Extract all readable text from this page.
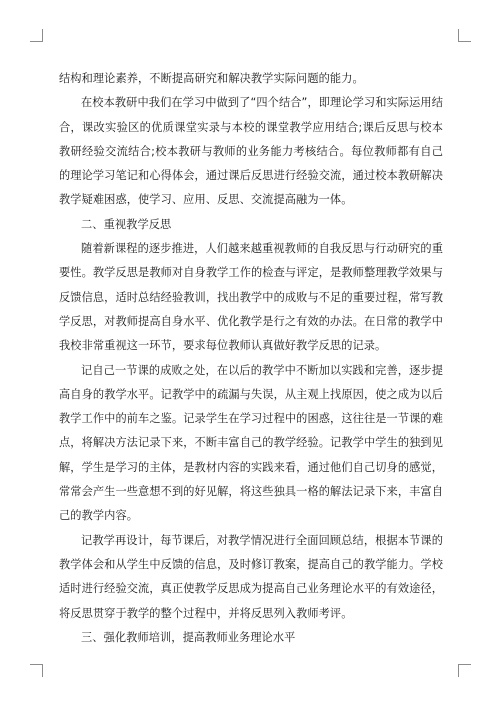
结构和理论素养，不断提高研究和解决教学实际问题的能力。

在校本教研中我们在学习中做到了“四个结合”，即理论学习和实际运用结合，课改实验区的优质课堂实录与本校的课堂教学应用结合;课后反思与校本教研经验交流结合;校本教研与教师的业务能力考核结合。每位教师都有自己的理论学习笔记和心得体会，通过课后反思进行经验交流，通过校本教研解决教学疑难困惑，使学习、应用、反思、交流提高融为一体。

二、重视教学反思

随着新课程的逐步推进，人们越来越重视教师的自我反思与行动研究的重要性。教学反思是教师对自身教学工作的检查与评定，是教师整理教学效果与反馈信息，适时总结经验教训，找出教学中的成败与不足的重要过程，常写教学反思，对教师提高自身水平、优化教学是行之有效的办法。在日常的教学中我校非常重视这一环节，要求每位教师认真做好教学反思的记录。

记自己一节课的成败之处，在以后的教学中不断加以实践和完善，逐步提高自身的教学水平。记教学中的疏漏与失误，从主观上找原因，使之成为以后教学工作中的前车之鉴。记录学生在学习过程中的困惑，这往往是一节课的难点，将解决方法记录下来，不断丰富自己的教学经验。记教学中学生的独到见解，学生是学习的主体，是教材内容的实践来看，通过他们自己切身的感觉，常常会产生一些意想不到的好见解，将这些独具一格的解法记录下来，丰富自己的教学内容。

记教学再设计，每节课后，对教学情况进行全面回顾总结，根据本节课的教学体会和从学生中反馈的信息，及时修订教案，提高自己的教学能力。学校适时进行经验交流，真正使教学反思成为提高自己业务理论水平的有效途径，将反思贯穿于教学的整个过程中，并将反思列入教师考评。

三、强化教师培训，提高教师业务理论水平
